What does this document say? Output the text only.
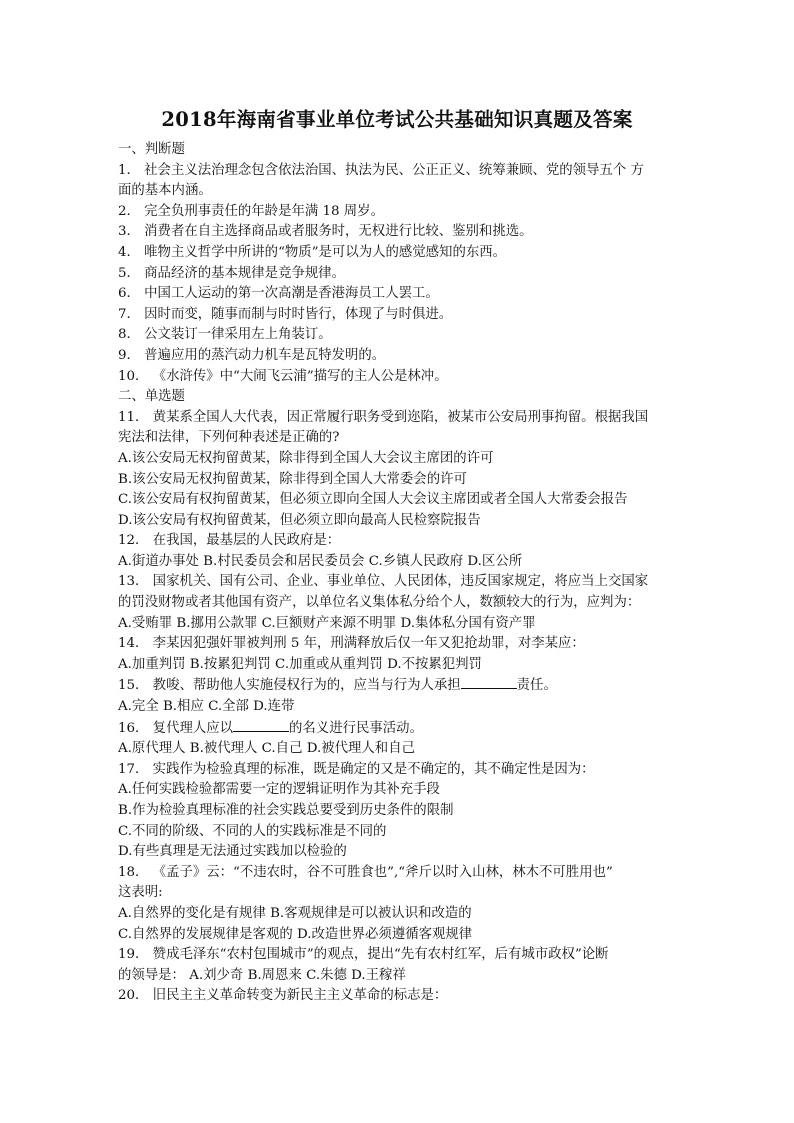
2018年海南省事业单位考试公共基础知识真题及答案
一、判断题
1． 社会主义法治理念包含依法治国、执法为民、公正正义、统筹兼顾、党的领导五个 方
面的基本内涵。
2． 完全负刑事责任的年龄是年满 18 周岁。
3． 消费者在自主选择商品或者服务时，无权进行比较、鉴别和挑选。
4． 唯物主义哲学中所讲的“物质”是可以为人的感觉感知的东西。
5． 商品经济的基本规律是竞争规律。
6． 中国工人运动的第一次高潮是香港海员工人罢工。
7． 因时而变，随事而制与时时皆行，体现了与时俱进。
8． 公文装订一律采用左上角装订。
9． 普遍应用的蒸汽动力机车是瓦特发明的。
10． 《水浒传》中“大闹飞云浦”描写的主人公是林冲。
二、单选题
11． 黄某系全国人大代表，因正常履行职务受到迩陷，被某市公安局刑事拘留。根据我国
宪法和法律，下列何种表述是正确的?
A.该公安局无权拘留黄某，除非得到全国人大会议主席团的许可
B.该公安局无权拘留黄某，除非得到全国人大常委会的许可
C.该公安局有权拘留黄某，但必须立即向全国人大会议主席团或者全国人大常委会报告
D.该公安局有权拘留黄某，但必须立即向最高人民检察院报告
12． 在我国，最基层的人民政府是：
A.街道办事处 B.村民委员会和居民委员会 C.乡镇人民政府 D.区公所
13． 国家机关、国有公司、企业、事业单位、人民团体，违反国家规定，将应当上交国家
的罚没财物或者其他国有资产，以单位名义集体私分给个人，数额较大的行为，应判为：
A.受贿罪 B.挪用公款罪 C.巨额财产来源不明罪 D.集体私分国有资产罪
14． 李某因犯强奸罪被判刑 5 年，刑满释放后仅一年又犯抢劫罪，对李某应：
A.加重判罚 B.按累犯判罚 C.加重或从重判罚 D.不按累犯判罚
15． 教唆、帮助他人实施侵权行为的，应当与行为人承担	责任。
A.完全 B.相应 C.全部 D.连带
16． 复代理人应以	的名义进行民事活动。
A.原代理人 B.被代理人 C.自己 D.被代理人和自己
17． 实践作为检验真理的标准，既是确定的又是不确定的，其不确定性是因为：
A.任何实践检验都需要一定的逻辑证明作为其补充手段
B.作为检验真理标准的社会实践总要受到历史条件的限制
C.不同的阶级、不同的人的实践标准是不同的
D.有些真理是无法通过实践加以检验的
18． 《孟子》云：“不违农时，谷不可胜食也”,“斧斤以时入山林，林木不可胜用也”
这表明:
A.自然界的变化是有规律 B.客观规律是可以被认识和改造的
C.自然界的发展规律是客观的 D.改造世界必须遵循客观规律
19． 赞成毛泽东“农村包围城市”的观点，提出“先有农村红军，后有城市政权”论断
的领导是： A.刘少奇 B.周恩来 C.朱德 D.王稼祥
20． 旧民主主义革命转变为新民主主义革命的标志是：
